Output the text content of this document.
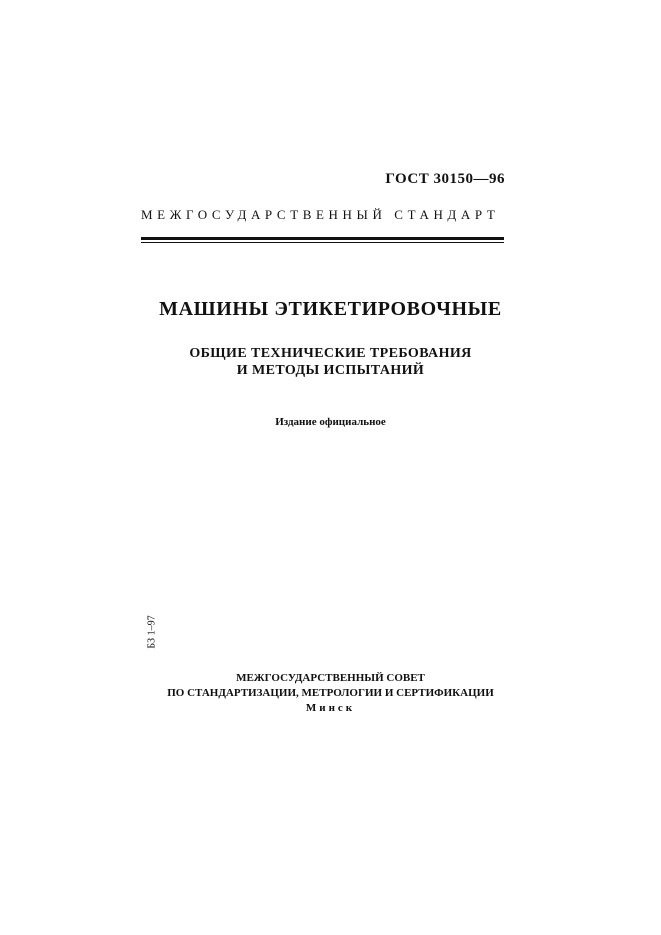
ГОСТ 30150—96
МЕЖГОСУДАРСТВЕННЫЙ СТАНДАРТ
МАШИНЫ ЭТИКЕТИРОВОЧНЫЕ
ОБЩИЕ ТЕХНИЧЕСКИЕ ТРЕБОВАНИЯ
И МЕТОДЫ ИСПЫТАНИЙ
Издание официальное
БЗ 1–97
МЕЖГОСУДАРСТВЕННЫЙ СОВЕТ
ПО СТАНДАРТИЗАЦИИ, МЕТРОЛОГИИ И СЕРТИФИКАЦИИ
Минск
